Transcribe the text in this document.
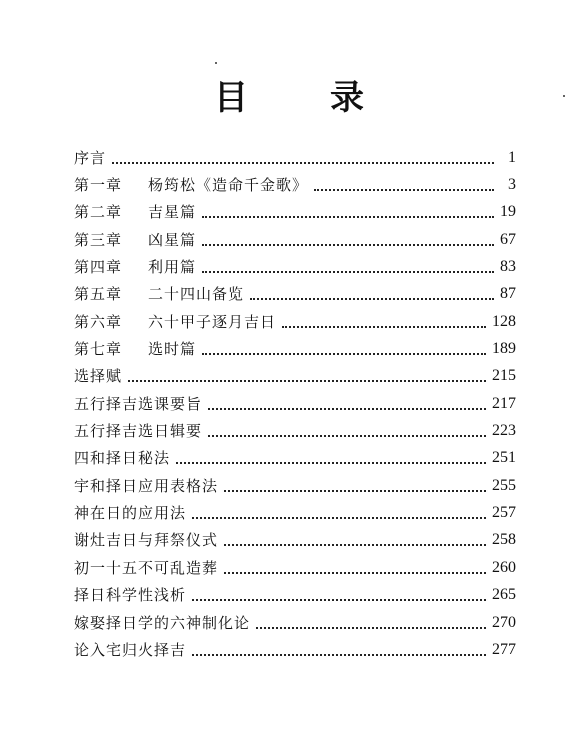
目 录
序言	1
第一章	杨筠松《造命千金歌》	3
第二章	吉星篇	19
第三章	凶星篇	67
第四章	利用篇	83
第五章	二十四山备览	87
第六章	六十甲子逐月吉日	128
第七章	选时篇	189
选择赋	215
五行择吉选课要旨	217
五行择吉选日辑要	223
四和择日秘法	251
宇和择日应用表格法	255
神在日的应用法	257
谢灶吉日与拜祭仪式	258
初一十五不可乱造葬	260
择日科学性浅析	265
嫁娶择日学的六神制化论	270
论入宅归火择吉	277
